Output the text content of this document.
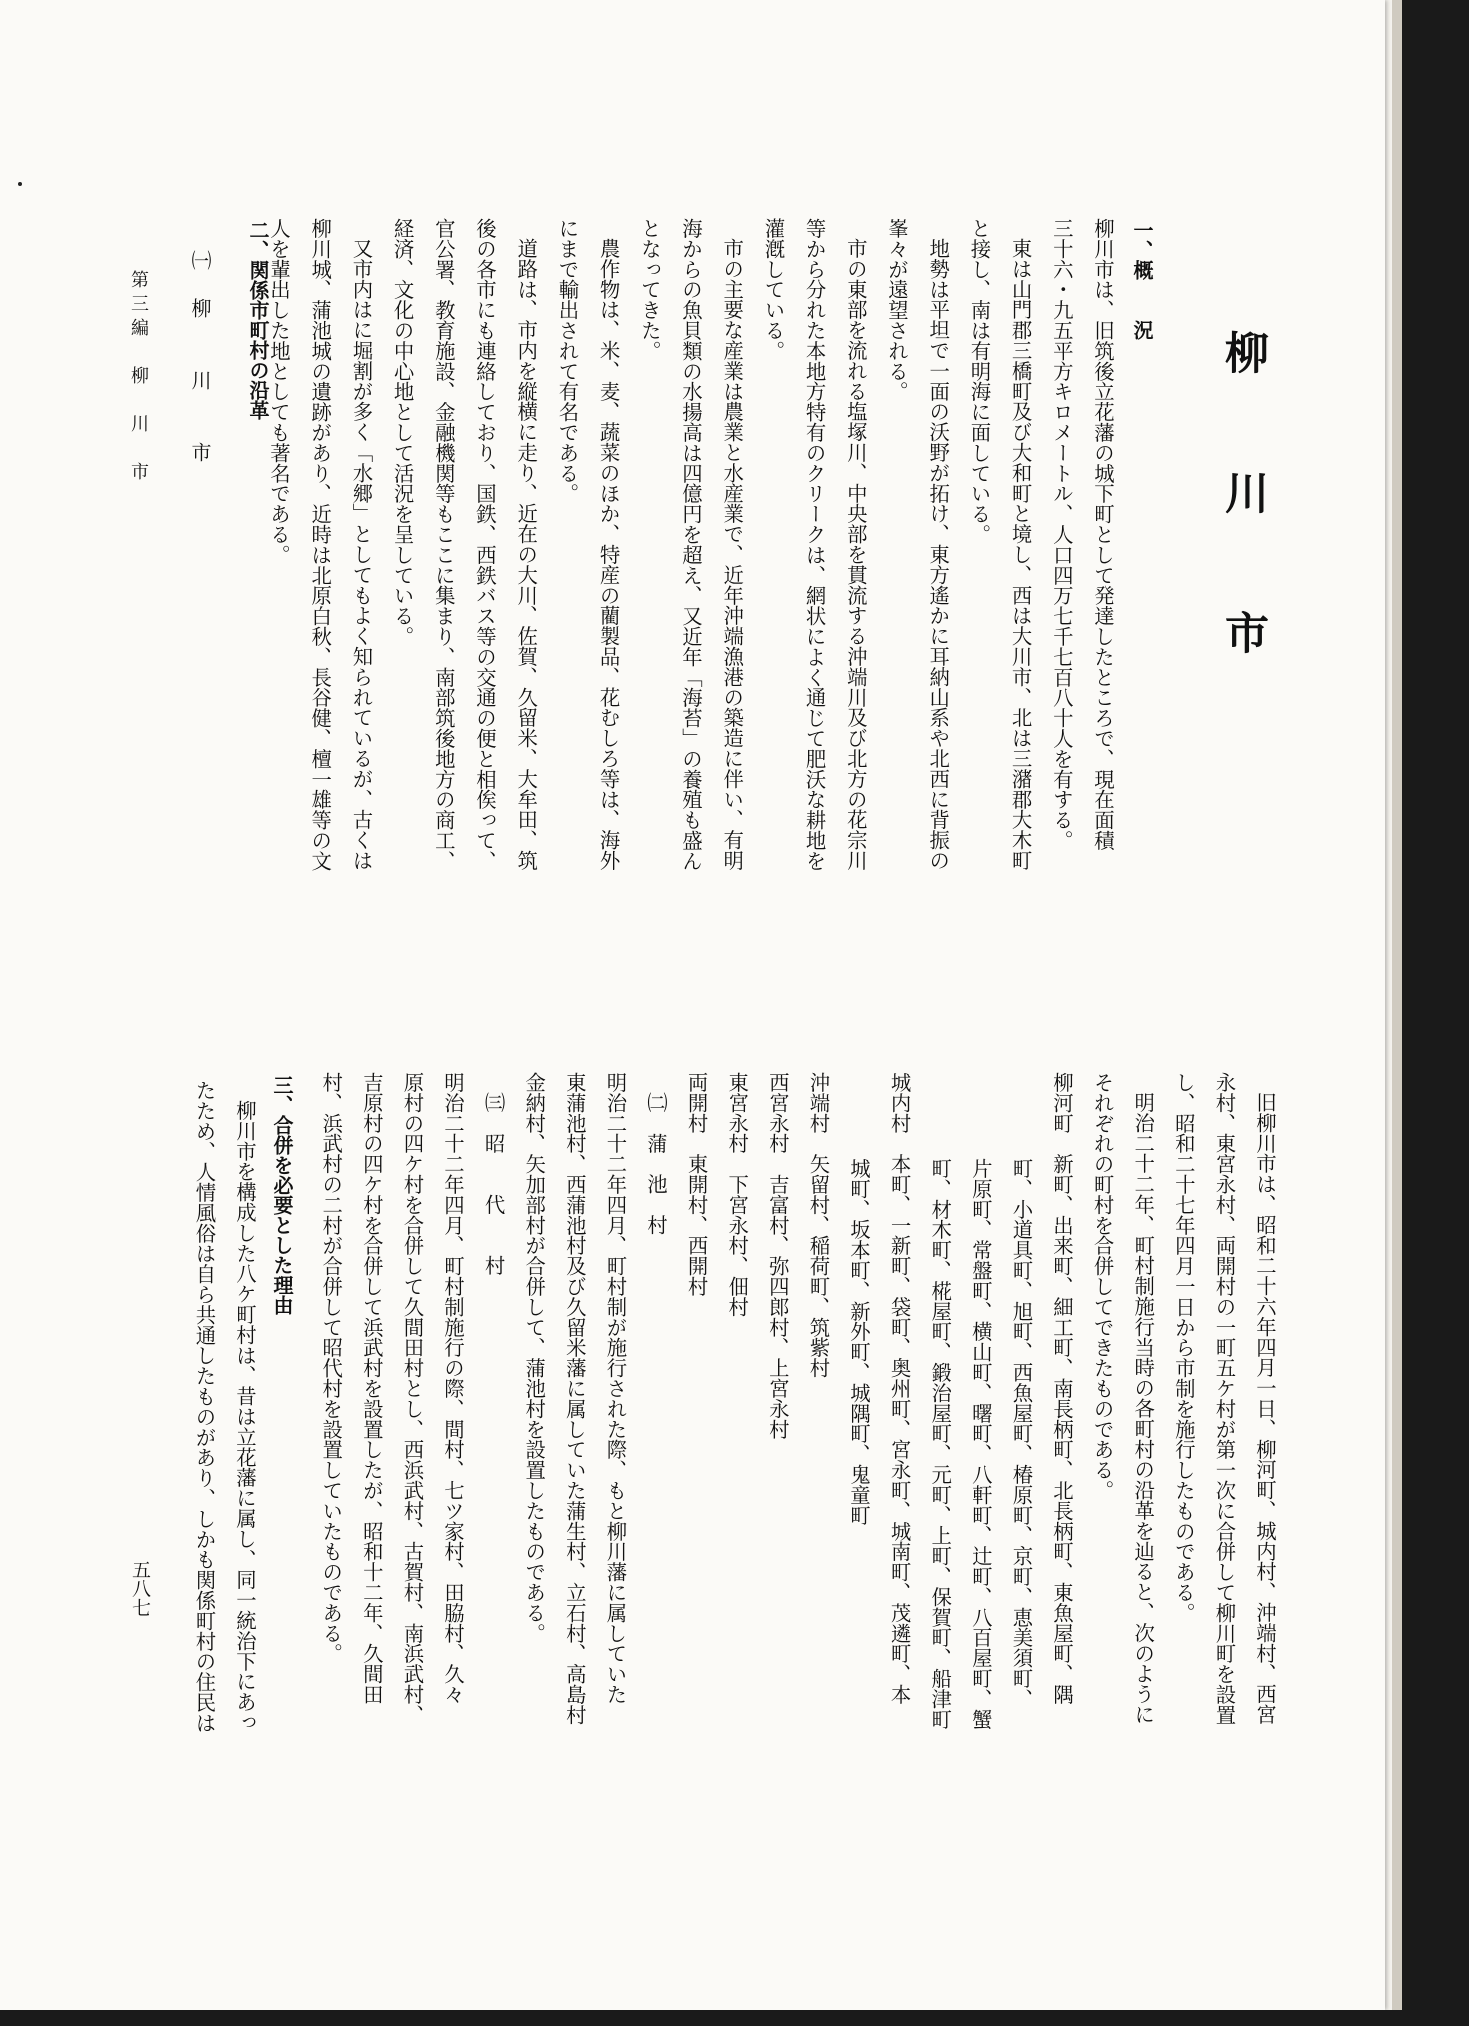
柳　川　市
一、概　　況
柳川市は、旧筑後立花藩の城下町として発達したところで、現在面積
三十六・九五平方キロメートル、人口四万七千七百八十人を有する。
東は山門郡三橋町及び大和町と境し、西は大川市、北は三潴郡大木町
と接し、南は有明海に面している。
地勢は平坦で一面の沃野が拓け、東方遙かに耳納山系や北西に背振の
峯々が遠望される。
市の東部を流れる塩塚川、中央部を貫流する沖端川及び北方の花宗川
等から分れた本地方特有のクリークは、網状によく通じて肥沃な耕地を
灌漑している。
市の主要な産業は農業と水産業で、近年沖端漁港の築造に伴い、有明
海からの魚貝類の水揚高は四億円を超え、又近年「海苔」の養殖も盛ん
となってきた。
農作物は、米、麦、蔬菜のほか、特産の藺製品、花むしろ等は、海外
にまで輸出されて有名である。
道路は、市内を縦横に走り、近在の大川、佐賀、久留米、大牟田、筑
後の各市にも連絡しており、国鉄、西鉄バス等の交通の便と相俟って、
官公署、教育施設、金融機関等もここに集まり、南部筑後地方の商工、
経済、文化の中心地として活況を呈している。
又市内はに堀割が多く「水郷」としてもよく知られているが、古くは
柳川城、蒲池城の遺跡があり、近時は北原白秋、長谷健、檀一雄等の文
人を輩出した地としても著名である。
二、関係市町村の沿革
㈠　柳　　川　　市
旧柳川市は、昭和二十六年四月一日、柳河町、城内村、沖端村、西宮
永村、東宮永村、両開村の一町五ケ村が第一次に合併して柳川町を設置
し、昭和二十七年四月一日から市制を施行したものである。
明治二十二年、町村制施行当時の各町村の沿革を辿ると、次のように
それぞれの町村を合併してできたものである。
柳河町　新町、出来町、細工町、南長柄町、北長柄町、東魚屋町、隅
町、小道具町、旭町、西魚屋町、椿原町、京町、恵美須町、
片原町、常盤町、横山町、曙町、八軒町、辻町、八百屋町、蟹
町、材木町、椛屋町、鍛治屋町、元町、上町、保賀町、船津町
城内村　本町、一新町、袋町、奥州町、宮永町、城南町、茂遴町、本
城町、坂本町、新外町、城隅町、鬼童町
沖端村　矢留村、稲荷町、筑紫村
西宮永村　吉富村、弥四郎村、上宮永村
東宮永村　下宮永村、佃村
両開村　東開村、西開村
㈡　蒲　池　村
明治二十二年四月、町村制が施行された際、もと柳川藩に属していた
東蒲池村、西蒲池村及び久留米藩に属していた蒲生村、立石村、高島村
金納村、矢加部村が合併して、蒲池村を設置したものである。
㈢　昭　　代　　村
明治二十二年四月、町村制施行の際、間村、七ツ家村、田脇村、久々
原村の四ケ村を合併して久間田村とし、西浜武村、古賀村、南浜武村、
吉原村の四ケ村を合併して浜武村を設置したが、昭和十二年、久間田
村、浜武村の二村が合併して昭代村を設置していたものである。
三、合併を必要とした理由
柳川市を構成した八ケ町村は、昔は立花藩に属し、同一統治下にあっ
たため、人情風俗は自ら共通したものがあり、しかも関係町村の住民は
第三編　柳　川　市
五八七
